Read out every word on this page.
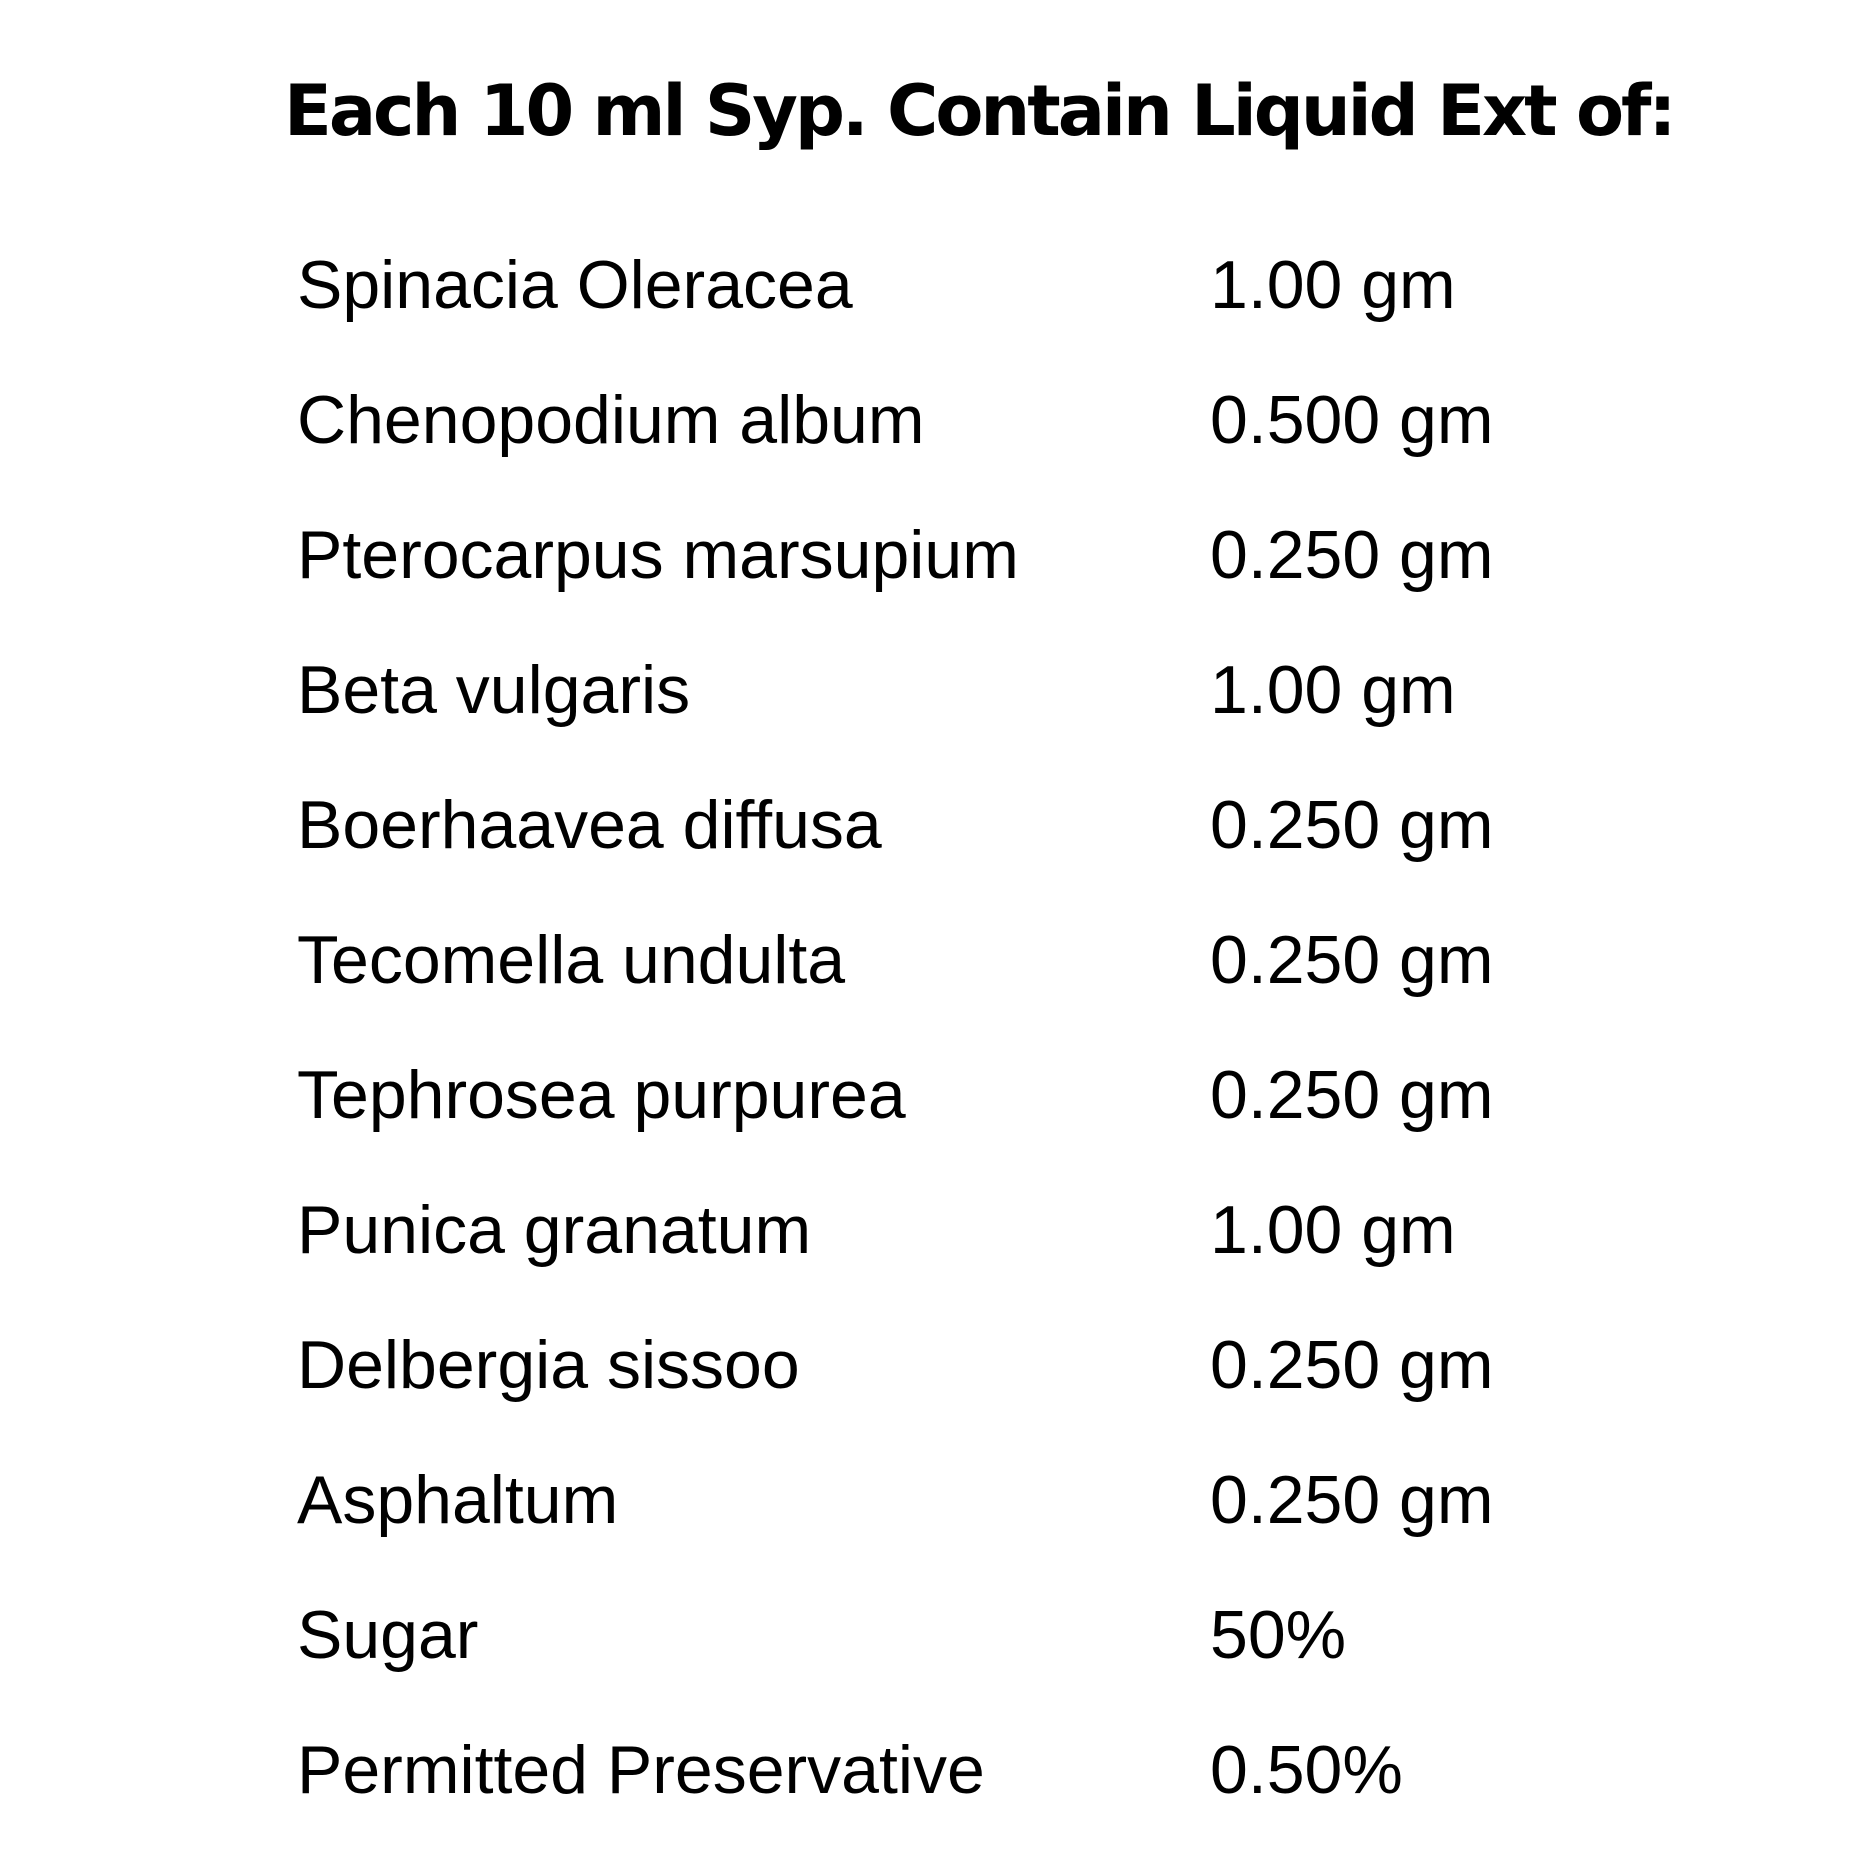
Each 10 ml Syp. Contain Liquid Ext of:
Spinacia Oleracea	1.00 gm
Chenopodium album	0.500 gm
Pterocarpus marsupium	0.250 gm
Beta vulgaris	1.00 gm
Boerhaavea diffusa	0.250 gm
Tecomella undulta	0.250 gm
Tephrosea purpurea	0.250 gm
Punica granatum	1.00 gm
Delbergia sissoo	0.250 gm
Asphaltum	0.250 gm
Sugar	50%
Permitted Preservative	0.50%
